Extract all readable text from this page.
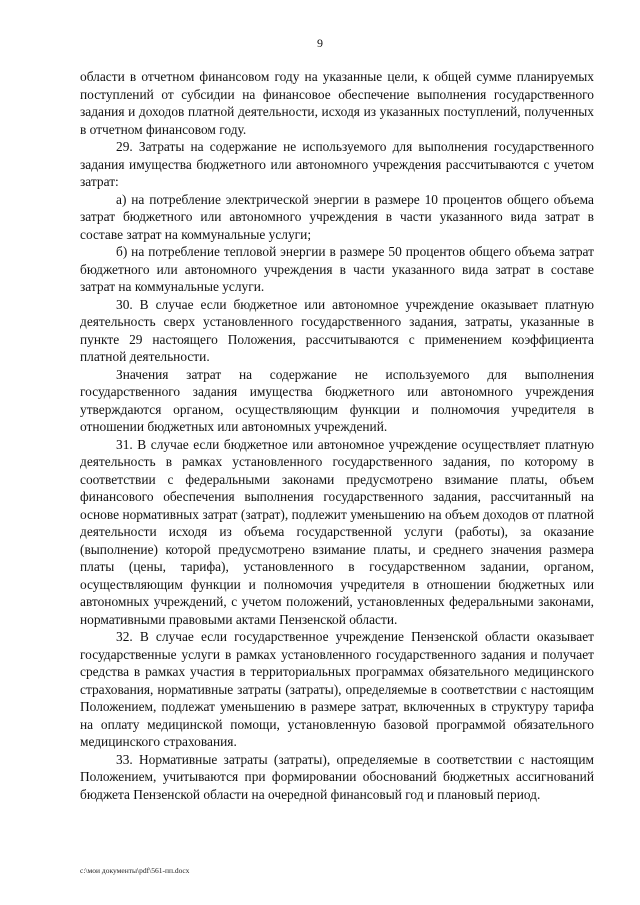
9

области в отчетном финансовом году на указанные цели, к общей сумме планируемых поступлений от субсидии на финансовое обеспечение выполнения государственного задания и доходов платной деятельности, исходя из указанных поступлений, полученных в отчетном финансовом году.

29. Затраты на содержание не используемого для выполнения государственного задания имущества бюджетного или автономного учреждения рассчитываются с учетом затрат:

а) на потребление электрической энергии в размере 10 процентов общего объема затрат бюджетного или автономного учреждения в части указанного вида затрат в составе затрат на коммунальные услуги;

б) на потребление тепловой энергии в размере 50 процентов общего объема затрат бюджетного или автономного учреждения в части указанного вида затрат в составе затрат на коммунальные услуги.

30. В случае если бюджетное или автономное учреждение оказывает платную деятельность сверх установленного государственного задания, затраты, указанные в пункте 29 настоящего Положения, рассчитываются с применением коэффициента платной деятельности.

Значения затрат на содержание не используемого для выполнения государственного задания имущества бюджетного или автономного учреждения утверждаются органом, осуществляющим функции и полномочия учредителя в отношении бюджетных или автономных учреждений.

31. В случае если бюджетное или автономное учреждение осуществляет платную деятельность в рамках установленного государственного задания, по которому в соответствии с федеральными законами предусмотрено взимание платы, объем финансового обеспечения выполнения государственного задания, рассчитанный на основе нормативных затрат (затрат), подлежит уменьшению на объем доходов от платной деятельности исходя из объема государственной услуги (работы), за оказание (выполнение) которой предусмотрено взимание платы, и среднего значения размера платы (цены, тарифа), установленного в государственном задании, органом, осуществляющим функции и полномочия учредителя в отношении бюджетных или автономных учреждений, с учетом положений, установленных федеральными законами, нормативными правовыми актами Пензенской области.

32. В случае если государственное учреждение Пензенской области оказывает государственные услуги в рамках установленного государственного задания и получает средства в рамках участия в территориальных программах обязательного медицинского страхования, нормативные затраты (затраты), определяемые в соответствии с настоящим Положением, подлежат уменьшению в размере затрат, включенных в структуру тарифа на оплату медицинской помощи, установленную базовой программой обязательного медицинского страхования.

33. Нормативные затраты (затраты), определяемые в соответствии с настоящим Положением, учитываются при формировании обоснований бюджетных ассигнований бюджета Пензенской области на очередной финансовый год и плановый период.

c:\мои документы\pdf\561-пп.docx
